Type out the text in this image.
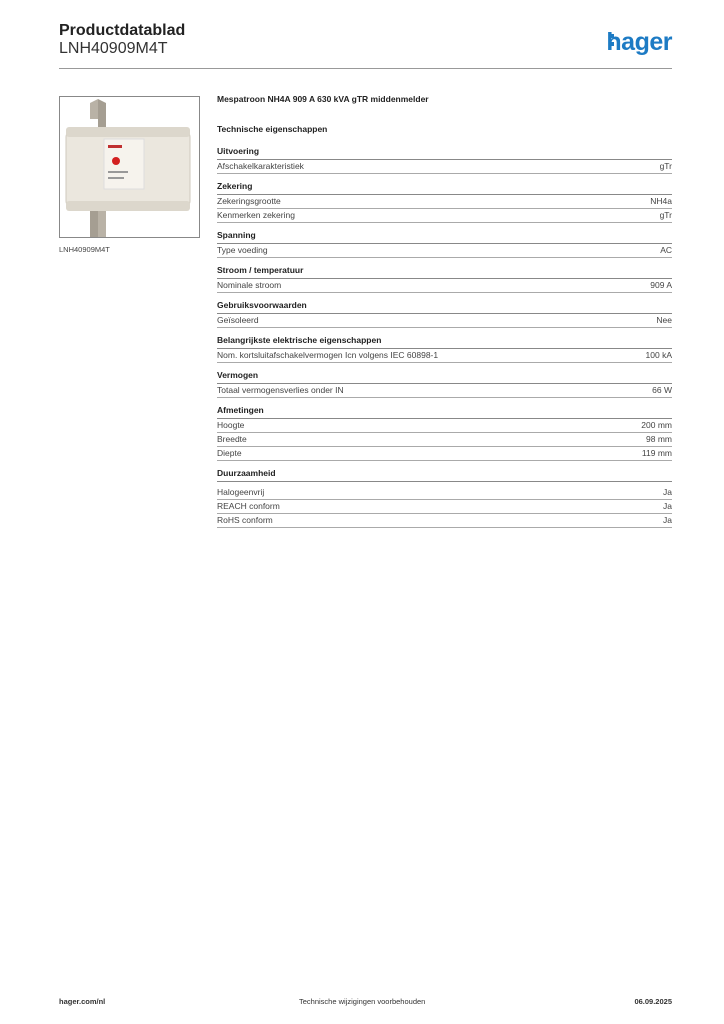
Productdatablad
LNH40909M4T	hager
LNH40909M4T
Mespatroon NH4A 909 A 630 kVA gTR middenmelder
Technische eigenschappen
Uitvoering
Afschakelkarakteristiek	gTr
Zekering
Zekeringsgrootte	NH4a
Kenmerken zekering	gTr
Spanning
Type voeding	AC
Stroom / temperatuur
Nominale stroom	909 A
Gebruiksvoorwaarden
Geïsoleerd	Nee
Belangrijkste elektrische eigenschappen
Nom. kortsluitafschakelvermogen Icn volgens IEC 60898-1	100 kA
Vermogen
Totaal vermogensverlies onder IN	66 W
Afmetingen
Hoogte	200 mm
Breedte	98 mm
Diepte	119 mm
Duurzaamheid
Halogeenvrij	Ja
REACH conform	Ja
RoHS conform	Ja
hager.com/nl	Technische wijzigingen voorbehouden	06.09.2025
